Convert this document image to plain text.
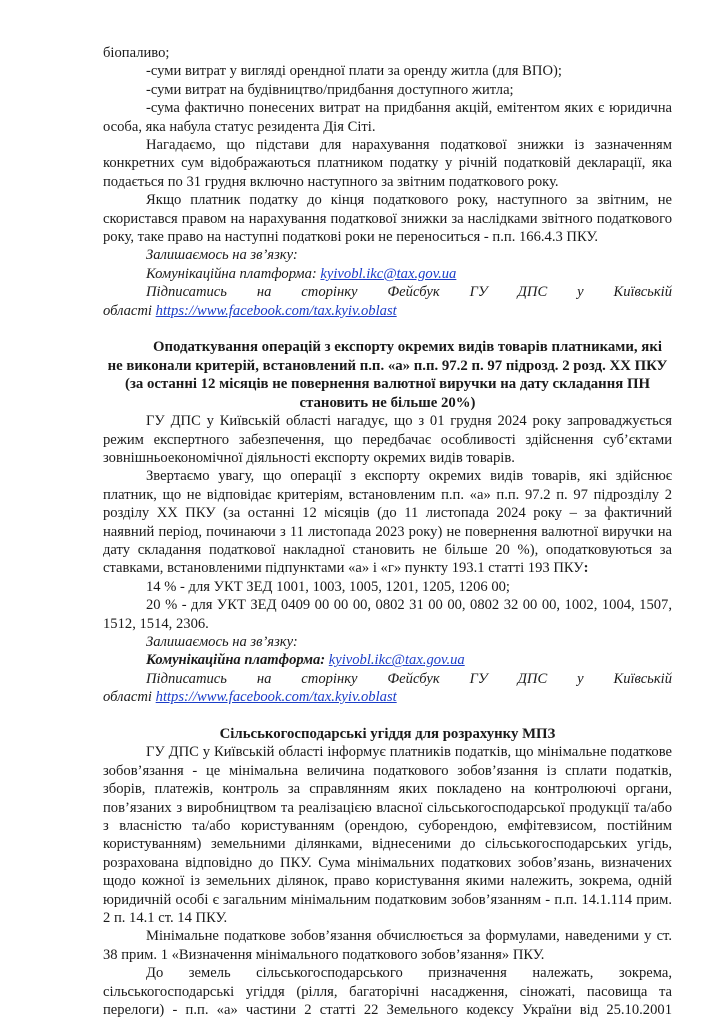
біопаливо;

-суми витрат у вигляді орендної плати за оренду житла (для ВПО);

-суми витрат на будівництво/придбання доступного житла;

-сума фактично понесених витрат на придбання акцій, емітентом яких є юридична особа, яка набула статус резидента Дія Сіті.

Нагадаємо, що підстави для нарахування податкової знижки із зазначенням конкретних сум відображаються платником податку у річній податковій декларації, яка подається по 31 грудня включно наступного за звітним податкового року.

Якщо платник податку до кінця податкового року, наступного за звітним, не скористався правом на нарахування податкової знижки за наслідками звітного податкового року, таке право на наступні податкові роки не переноситься - п.п. 166.4.3 ПКУ.

Залишаємось на зв’язку:

Комунікаційна платформа: kyivobl.ikc@tax.gov.ua

Підписатись на сторінку Фейсбук ГУ ДПС у Київській

області https://www.facebook.com/tax.kyiv.oblast

Оподаткування операцій з експорту окремих видів товарів платниками, які

не виконали критерій, встановлений п.п. «а» п.п. 97.2 п. 97 підрозд. 2 розд. ХХ ПКУ

(за останні 12 місяців не повернення валютної виручки на дату складання ПН

становить не більше 20%)

ГУ ДПС у Київській області нагадує, що з 01 грудня 2024 року запроваджується режим експертного забезпечення, що передбачає особливості здійснення суб’єктами зовнішньоекономічної діяльності експорту окремих видів товарів.

Звертаємо увагу, що операції з експорту окремих видів товарів, які здійснює платник, що не відповідає критеріям, встановленим п.п. «а» п.п. 97.2 п. 97 підрозділу 2 розділу ХХ ПКУ (за останні 12 місяців (до 11 листопада 2024 року – за фактичний наявний період, починаючи з 11 листопада 2023 року) не повернення валютної виручки на дату складання податкової накладної становить не більше 20 %), оподатковуються за ставками, встановленими підпунктами «а» і «г» пункту 193.1 статті 193 ПКУ:

14 % - для УКТ ЗЕД 1001, 1003, 1005, 1201, 1205, 1206 00;

20 % - для УКТ ЗЕД 0409 00 00 00, 0802 31 00 00, 0802 32 00 00, 1002, 1004, 1507, 1512, 1514, 2306.

Залишаємось на зв’язку:

Комунікаційна платформа: kyivobl.ikc@tax.gov.ua

Підписатись на сторінку Фейсбук ГУ ДПС у Київській

області https://www.facebook.com/tax.kyiv.oblast

Сільськогосподарські угіддя для розрахунку МПЗ

ГУ ДПС у Київській області інформує платників податків, що мінімальне податкове зобов’язання - це мінімальна величина податкового зобов’язання із сплати податків, зборів, платежів, контроль за справлянням яких покладено на контролюючі органи, пов’язаних з виробництвом та реалізацією власної сільськогосподарської продукції та/або з власністю та/або користуванням (орендою, суборендою, емфітевзисом, постійним користуванням) земельними ділянками, віднесеними до сільськогосподарських угідь, розрахована відповідно до ПКУ. Сума мінімальних податкових зобов’язань, визначених щодо кожної із земельних ділянок, право користування якими належить, зокрема, одній юридичній особі є загальним мінімальним податковим зобов’язанням - п.п. 14.1.114 прим. 2 п. 14.1 ст. 14 ПКУ.

Мінімальне податкове зобов’язання обчислюється за формулами, наведеними у ст. 38 прим. 1 «Визначення мінімального податкового зобов’язання» ПКУ.

До земель сільськогосподарського призначення належать, зокрема, сільськогосподарські угіддя (рілля, багаторічні насадження, сіножаті, пасовища та перелоги) - п.п. «а» частини 2 статті 22 Земельного кодексу України від 25.10.2001
